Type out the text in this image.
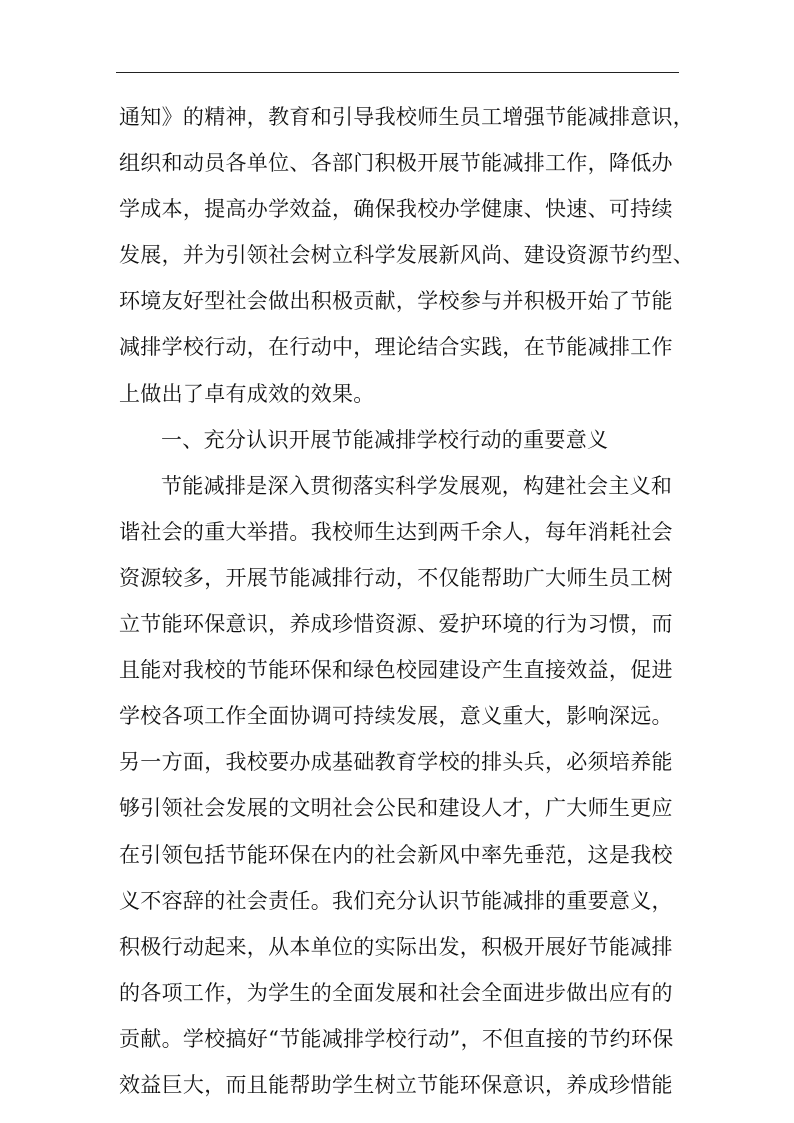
通知》的精神，教育和引导我校师生员工增强节能减排意识，
组织和动员各单位、各部门积极开展节能减排工作，降低办
学成本，提高办学效益，确保我校办学健康、快速、可持续
发展，并为引领社会树立科学发展新风尚、建设资源节约型、
环境友好型社会做出积极贡献，学校参与并积极开始了节能
减排学校行动，在行动中，理论结合实践，在节能减排工作
上做出了卓有成效的效果。
一、充分认识开展节能减排学校行动的重要意义
节能减排是深入贯彻落实科学发展观，构建社会主义和
谐社会的重大举措。我校师生达到两千余人，每年消耗社会
资源较多，开展节能减排行动，不仅能帮助广大师生员工树
立节能环保意识，养成珍惜资源、爱护环境的行为习惯，而
且能对我校的节能环保和绿色校园建设产生直接效益，促进
学校各项工作全面协调可持续发展，意义重大，影响深远。
另一方面，我校要办成基础教育学校的排头兵，必须培养能
够引领社会发展的文明社会公民和建设人才，广大师生更应
在引领包括节能环保在内的社会新风中率先垂范，这是我校
义不容辞的社会责任。我们充分认识节能减排的重要意义，
积极行动起来，从本单位的实际出发，积极开展好节能减排
的各项工作，为学生的全面发展和社会全面进步做出应有的
贡献。学校搞好“节能减排学校行动”，不但直接的节约环保
效益巨大，而且能帮助学生树立节能环保意识，养成珍惜能
